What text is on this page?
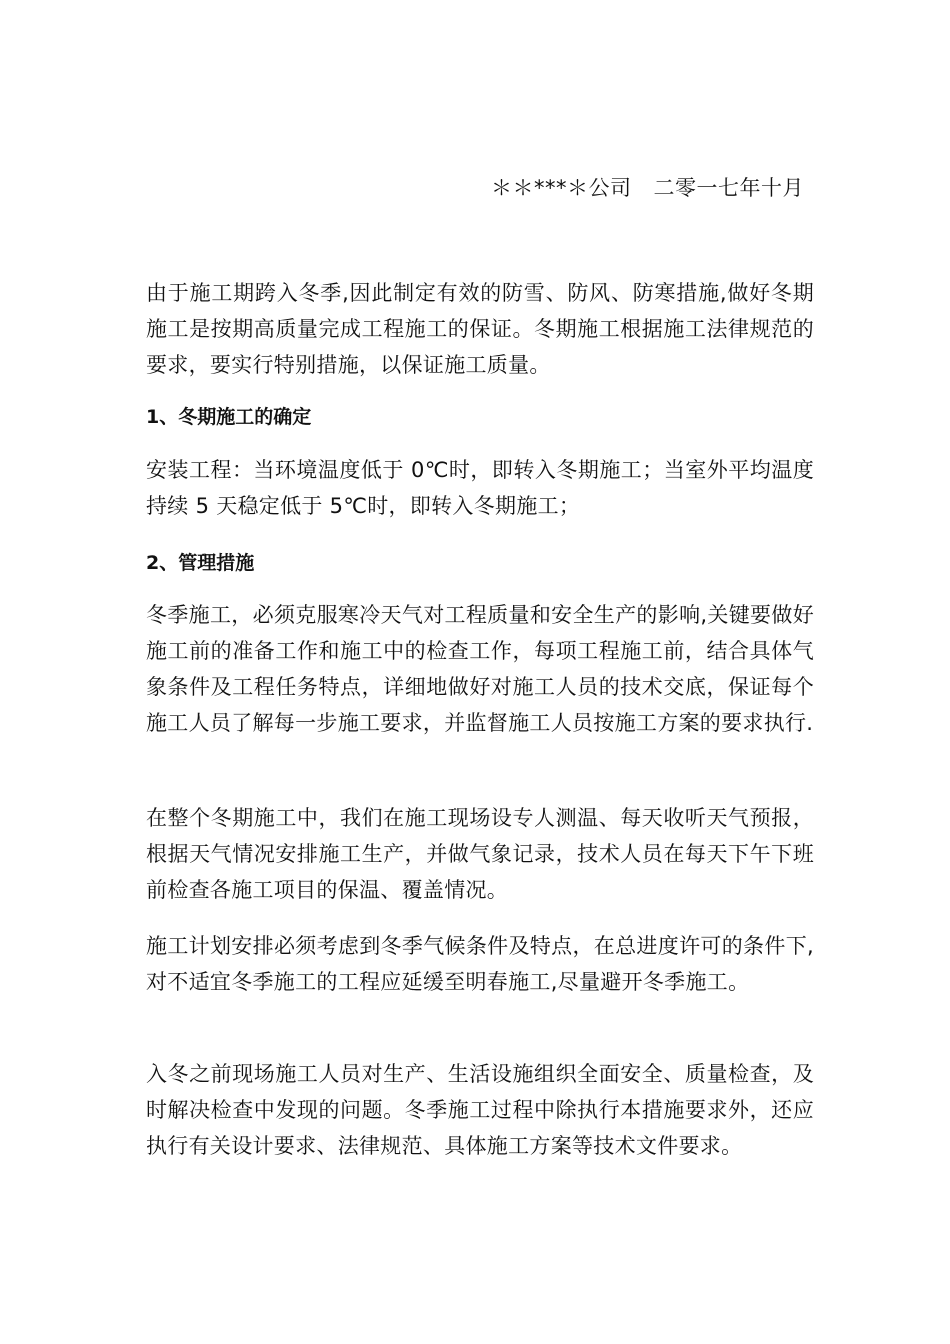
＊＊***＊公司 二零一七年十月

由于施工期跨入冬季,因此制定有效的防雪、防风、防寒措施,做好冬期施工是按期高质量完成工程施工的保证。冬期施工根据施工法律规范的要求，要实行特别措施，以保证施工质量。

1、冬期施工的确定

安装工程：当环境温度低于 0℃时，即转入冬期施工；当室外平均温度持续 5 天稳定低于 5℃时，即转入冬期施工；

2、管理措施

冬季施工，必须克服寒冷天气对工程质量和安全生产的影响,关键要做好施工前的准备工作和施工中的检查工作，每项工程施工前，结合具体气象条件及工程任务特点，详细地做好对施工人员的技术交底，保证每个施工人员了解每一步施工要求，并监督施工人员按施工方案的要求执行.

在整个冬期施工中，我们在施工现场设专人测温、每天收听天气预报，根据天气情况安排施工生产，并做气象记录，技术人员在每天下午下班前检查各施工项目的保温、覆盖情况。

施工计划安排必须考虑到冬季气候条件及特点，在总进度许可的条件下,对不适宜冬季施工的工程应延缓至明春施工,尽量避开冬季施工。

入冬之前现场施工人员对生产、生活设施组织全面安全、质量检查，及时解决检查中发现的问题。冬季施工过程中除执行本措施要求外，还应执行有关设计要求、法律规范、具体施工方案等技术文件要求。
